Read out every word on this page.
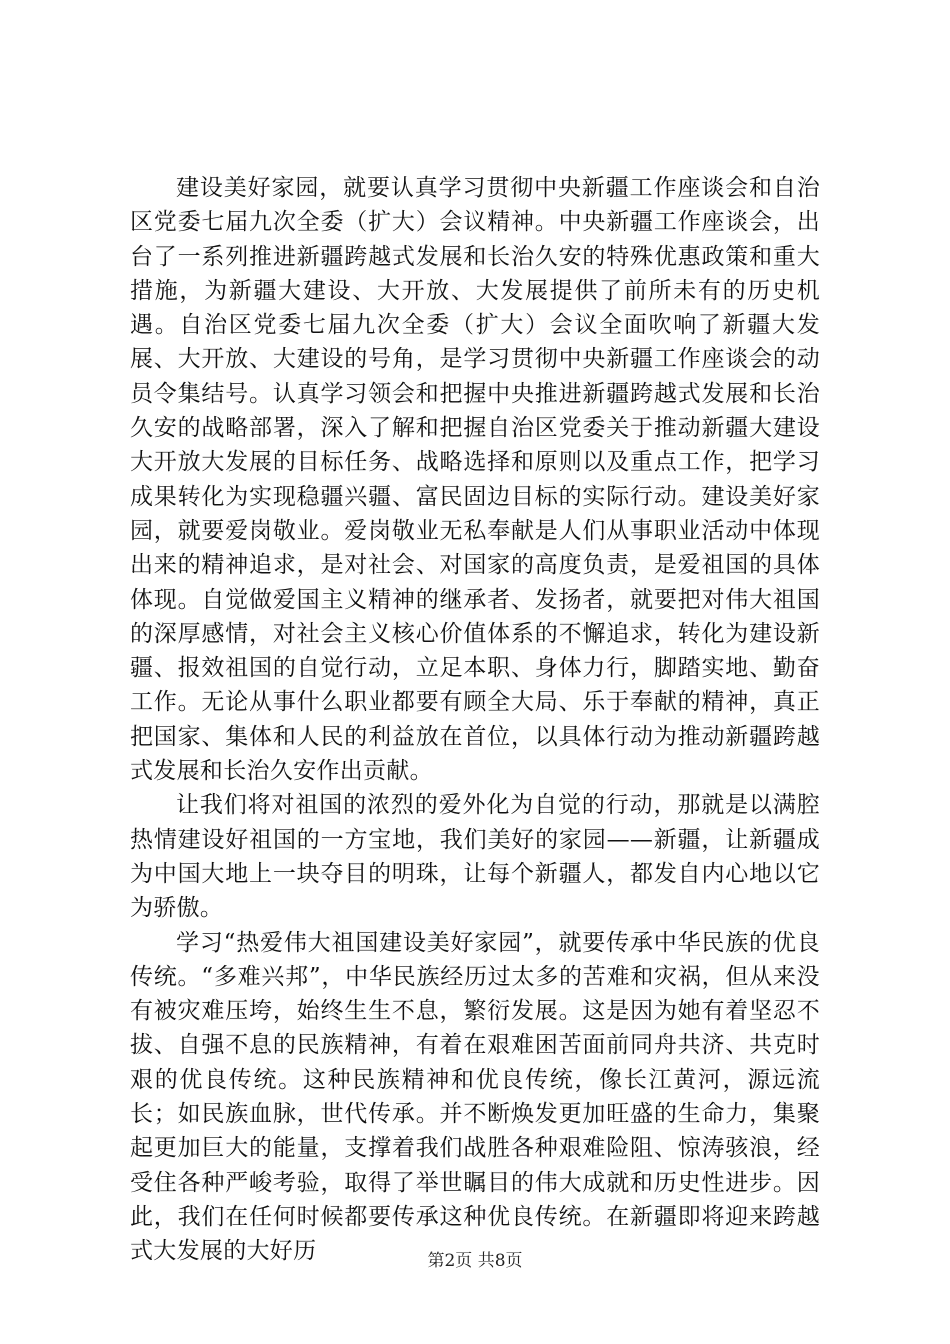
建设美好家园，就要认真学习贯彻中央新疆工作座谈会和自治区党委七届九次全委（扩大）会议精神。中央新疆工作座谈会，出台了一系列推进新疆跨越式发展和长治久安的特殊优惠政策和重大措施，为新疆大建设、大开放、大发展提供了前所未有的历史机遇。自治区党委七届九次全委（扩大）会议全面吹响了新疆大发展、大开放、大建设的号角，是学习贯彻中央新疆工作座谈会的动员令集结号。认真学习领会和把握中央推进新疆跨越式发展和长治久安的战略部署，深入了解和把握自治区党委关于推动新疆大建设大开放大发展的目标任务、战略选择和原则以及重点工作，把学习成果转化为实现稳疆兴疆、富民固边目标的实际行动。建设美好家园，就要爱岗敬业。爱岗敬业无私奉献是人们从事职业活动中体现出来的精神追求，是对社会、对国家的高度负责，是爱祖国的具体体现。自觉做爱国主义精神的继承者、发扬者，就要把对伟大祖国的深厚感情，对社会主义核心价值体系的不懈追求，转化为建设新疆、报效祖国的自觉行动，立足本职、身体力行，脚踏实地、勤奋工作。无论从事什么职业都要有顾全大局、乐于奉献的精神，真正把国家、集体和人民的利益放在首位，以具体行动为推动新疆跨越式发展和长治久安作出贡献。

让我们将对祖国的浓烈的爱外化为自觉的行动，那就是以满腔热情建设好祖国的一方宝地，我们美好的家园——新疆，让新疆成为中国大地上一块夺目的明珠，让每个新疆人，都发自内心地以它为骄傲。

学习“热爱伟大祖国建设美好家园”，就要传承中华民族的优良传统。“多难兴邦”，中华民族经历过太多的苦难和灾祸，但从来没有被灾难压垮，始终生生不息，繁衍发展。这是因为她有着坚忍不拔、自强不息的民族精神，有着在艰难困苦面前同舟共济、共克时艰的优良传统。这种民族精神和优良传统，像长江黄河，源远流长；如民族血脉，世代传承。并不断焕发更加旺盛的生命力，集聚起更加巨大的能量，支撑着我们战胜各种艰难险阻、惊涛骇浪，经受住各种严峻考验，取得了举世瞩目的伟大成就和历史性进步。因此，我们在任何时候都要传承这种优良传统。在新疆即将迎来跨越式大发展的大好历	第2页 共8页
